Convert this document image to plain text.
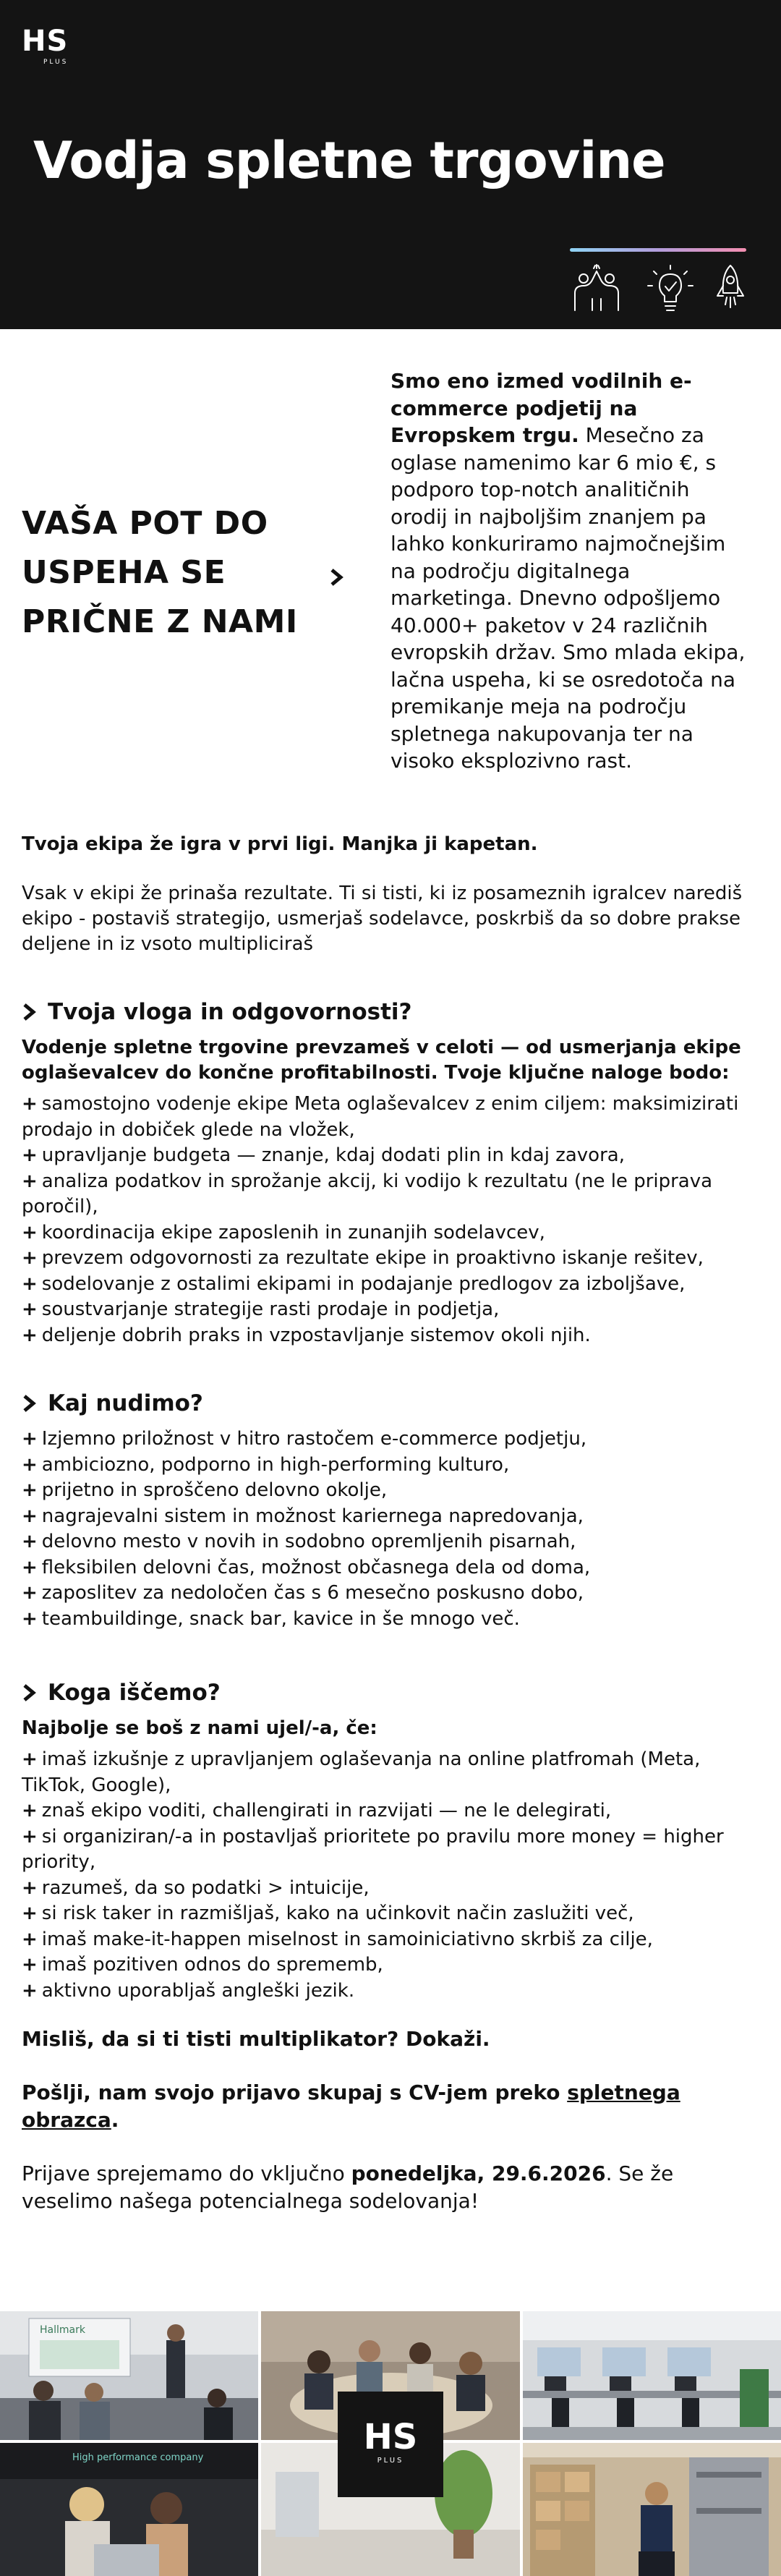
HS
PLUS
Vodja spletne trgovine
VAŠA POT DO USPEHA SE PRIČNE Z NAMI
Smo eno izmed vodilnih e-commerce podjetij na Evropskem trgu. Mesečno za oglase namenimo kar 6 mio €, s podporo top-notch analitičnih orodij in najboljšim znanjem pa lahko konkuriramo najmočnejšim na področju digitalnega marketinga. Dnevno odpošljemo 40.000+ paketov v 24 različnih evropskih držav. Smo mlada ekipa, lačna uspeha, ki se osredotoča na premikanje meja na področju spletnega nakupovanja ter na visoko eksplozivno rast.

Tvoja ekipa že igra v prvi ligi. Manjka ji kapetan.

Vsak v ekipi že prinaša rezultate. Ti si tisti, ki iz posameznih igralcev narediš ekipo - postaviš strategijo, usmerjaš sodelavce, poskrbiš da so dobre prakse deljene in iz vsoto multipliciraš

Tvoja vloga in odgovornosti?

Vodenje spletne trgovine prevzameš v celoti — od usmerjanja ekipe oglaševalcev do končne profitabilnosti. Tvoje ključne naloge bodo:

+ samostojno vodenje ekipe Meta oglaševalcev z enim ciljem: maksimizirati prodajo in dobiček glede na vložek,
+ upravljanje budgeta — znanje, kdaj dodati plin in kdaj zavora,
+ analiza podatkov in sprožanje akcij, ki vodijo k rezultatu (ne le priprava poročil),
+ koordinacija ekipe zaposlenih in zunanjih sodelavcev,
+ prevzem odgovornosti za rezultate ekipe in proaktivno iskanje rešitev,
+ sodelovanje z ostalimi ekipami in podajanje predlogov za izboljšave,
+ soustvarjanje strategije rasti prodaje in podjetja,
+ deljenje dobrih praks in vzpostavljanje sistemov okoli njih.
Kaj nudimo?
+ Izjemno priložnost v hitro rastočem e-commerce podjetju,
+ ambiciozno, podporno in high-performing kulturo,
+ prijetno in sproščeno delovno okolje,
+ nagrajevalni sistem in možnost kariernega napredovanja,
+ delovno mesto v novih in sodobno opremljenih pisarnah,
+ fleksibilen delovni čas, možnost občasnega dela od doma,
+ zaposlitev za nedoločen čas s 6 mesečno poskusno dobo,
+ teambuildinge, snack bar, kavice in še mnogo več.
Koga iščemo?

Najbolje se boš z nami ujel/-a, če:

+ imaš izkušnje z upravljanjem oglaševanja na online platfromah (Meta, TikTok, Google),
+ znaš ekipo voditi, challengirati in razvijati — ne le delegirati,
+ si organiziran/-a in postavljaš prioritete po pravilu more money = higher priority,
+ razumeš, da so podatki > intuicije,
+ si risk taker in razmišljaš, kako na učinkovit način zaslužiti več,
+ imaš make-it-happen miselnost in samoiniciativno skrbiš za cilje,
+ imaš pozitiven odnos do sprememb,
+ aktivno uporabljaš angleški jezik.

Misliš, da si ti tisti multiplikator? Dokaži.

Pošlji, nam svojo prijavo skupaj s CV-jem preko spletnega obrazca.

Prijave sprejemamo do vključno ponedeljka, 29.6.2026. Se že veselimo našega potencialnega sodelovanja!

Hallmark
High performance company
HS
PLUS
